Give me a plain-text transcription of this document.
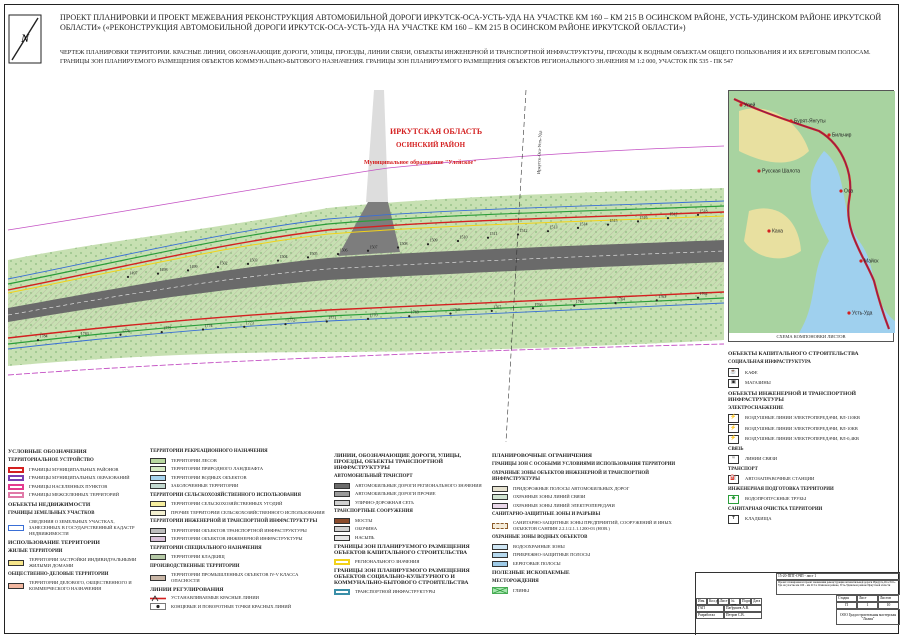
N
ПРОЕКТ ПЛАНИРОВКИ И ПРОЕКТ МЕЖЕВАНИЯ РЕКОНСТРУКЦИЯ АВТОМОБИЛЬНОЙ ДОРОГИ ИРКУТСК-ОСА-УСТЬ-УДА НА УЧАСТКЕ КМ 160 – КМ 215 В ОСИНСКОМ РАЙОНЕ, УСТЬ-УДИНСКОМ РАЙОНЕ ИРКУТСКОЙ ОБЛАСТИ» («РЕКОНСТРУКЦИЯ АВТОМОБИЛЬНОЙ ДОРОГИ ИРКУТСК-ОСА-УСТЬ-УДА НА УЧАСТКЕ КМ 160 – КМ 215 В ОСИНСКОМ РАЙОНЕ ИРКУТСКОЙ ОБЛАСТИ»)
ЧЕРТЕЖ ПЛАНИРОВКИ ТЕРРИТОРИИ. КРАСНЫЕ ЛИНИИ, ОБОЗНАЧАЮЩИЕ ДОРОГИ, УЛИЦЫ, ПРОЕЗДЫ, ЛИНИИ СВЯЗИ, ОБЪЕКТЫ ИНЖЕНЕРНОЙ И ТРАНСПОРТНОЙ ИНФРАСТРУКТУРЫ, ПРОХОДЫ К ВОДНЫМ ОБЪЕКТАМ ОБЩЕГО ПОЛЬЗОВАНИЯ И ИХ БЕРЕГОВЫМ ПОЛОСАМ. ГРАНИЦЫ ЗОН ПЛАНИРУЕМОГО РАЗМЕЩЕНИЯ ОБЪЕКТОВ КОММУНАЛЬНО-БЫТОВОГО НАЗНАЧЕНИЯ. ГРАНИЦЫ ЗОН ПЛАНИРУЕМОГО РАЗМЕЩЕНИЯ ОБЪЕКТОВ РЕГИОНАЛЬНОГО ЗНАЧЕНИЯ М 1:2 000, УЧАСТОК ПК 535 - ПК 547
ИРКУТСКАЯ ОБЛАСТЬ
ОСИНСКИЙ РАЙОН
Муниципальное образование "Улейское"	Иркутск-Оса-Усть-Уда
1497
1498
1499
1502
1503
1504
1505
1506
1507
1508
1509
1510
1511
1512
1513
1514
1515
1516
1517
1518
1784
1783
1776
1775
1774
1773
1772
1771
1770
1769
1768
1767
1766
1765
1764
1763
1762
Улей
Бурят-Янгуты
Бильчир
Русская Шалота
Оса
Каха
Майск
Усть-Уда
СХЕМА КОМПОНОВКИ ЛИСТОВ
УСЛОВНЫЕ ОБОЗНАЧЕНИЯ
ТЕРРИТОРИАЛЬНОЕ УСТРОЙСТВО
ГРАНИЦЫ МУНИЦИПАЛЬНЫХ РАЙОНОВ
ГРАНИЦЫ МУНИЦИПАЛЬНЫХ ОБРАЗОВАНИЙ
ГРАНИЦЫ НАСЕЛЕННЫХ ПУНКТОВ
ГРАНИЦЫ МЕЖСЕЛЕННЫХ ТЕРРИТОРИЙ
ОБЪЕКТЫ НЕДВИЖИМОСТИ
ГРАНИЦЫ ЗЕМЕЛЬНЫХ УЧАСТКОВ
СВЕДЕНИЯ О ЗЕМЕЛЬНЫХ УЧАСТКАХ, ЗАНЕСЕННЫХ В ГОСУДАРСТВЕННЫЙ КАДАСТР НЕДВИЖИМОСТИ
ИСПОЛЬЗОВАНИЕ ТЕРРИТОРИИ
ЖИЛЫЕ ТЕРРИТОРИИ
ТЕРРИТОРИИ ЗАСТРОЙКИ ИНДИВИДУАЛЬНЫМИ ЖИЛЫМИ ДОМАМИ
ОБЩЕСТВЕННО-ДЕЛОВЫЕ ТЕРРИТОРИИ
ТЕРРИТОРИИ ДЕЛОВОГО, ОБЩЕСТВЕННОГО И КОММЕРЧЕСКОГО НАЗНАЧЕНИЯ
ТЕРРИТОРИИ РЕКРЕАЦИОННОГО НАЗНАЧЕНИЯ
ТЕРРИТОРИИ ЛЕСОВ
ТЕРРИТОРИИ ПРИРОДНОГО ЛАНДШАФТА
ТЕРРИТОРИИ ВОДНЫХ ОБЪЕКТОВ
ЗАБОЛОЧЕННЫЕ ТЕРРИТОРИИ
ТЕРРИТОРИИ СЕЛЬСКОХОЗЯЙСТВЕННОГО ИСПОЛЬЗОВАНИЯ
ТЕРРИТОРИИ СЕЛЬСКОХОЗЯЙСТВЕННЫХ УГОДИЙ
ПРОЧИЕ ТЕРРИТОРИИ СЕЛЬСКОХОЗЯЙСТВЕННОГО ИСПОЛЬЗОВАНИЯ
ТЕРРИТОРИИ ИНЖЕНЕРНОЙ И ТРАНСПОРТНОЙ ИНФРАСТРУКТУРЫ
ТЕРРИТОРИИ ОБЪЕКТОВ ТРАНСПОРТНОЙ ИНФРАСТРУКТУРЫ
ТЕРРИТОРИИ ОБЪЕКТОВ ИНЖЕНЕРНОЙ ИНФРАСТРУКТУРЫ
ТЕРРИТОРИИ СПЕЦИАЛЬНОГО НАЗНАЧЕНИЯ
ТЕРРИТОРИИ КЛАДБИЩ
ПРОИЗВОДСТВЕННЫЕ ТЕРРИТОРИИ
ТЕРРИТОРИИ ПРОМЫШЛЕННЫХ ОБЪЕКТОВ IV-V КЛАССА ОПАСНОСТИ
ЛИНИИ РЕГУЛИРОВАНИЯ
УСТАНАВЛИВАЕМЫЕ КРАСНЫЕ ЛИНИИ
КОНЦЕВЫЕ И ПОВОРОТНЫЕ ТОЧКИ КРАСНЫХ ЛИНИЙ
ЛИНИИ, ОБОЗНАЧАЮЩИЕ ДОРОГИ, УЛИЦЫ, ПРОЕЗДЫ, ОБЪЕКТЫ ТРАНСПОРТНОЙ ИНФРАСТРУКТУРЫ
АВТОМОБИЛЬНЫЙ ТРАНСПОРТ
АВТОМОБИЛЬНЫЕ ДОРОГИ РЕГИОНАЛЬНОГО ЗНАЧЕНИЯ
АВТОМОБИЛЬНЫЕ ДОРОГИ ПРОЧИЕ
УЛИЧНО-ДОРОЖНАЯ СЕТЬ
ТРАНСПОРТНЫЕ СООРУЖЕНИЯ
МОСТЫ
ОБОЧИНА
НАСЫПЬ
ГРАНИЦЫ ЗОН ПЛАНИРУЕМОГО РАЗМЕЩЕНИЯ ОБЪЕКТОВ КАПИТАЛЬНОГО СТРОИТЕЛЬСТВА
РЕГИОНАЛЬНОГО ЗНАЧЕНИЯ
ГРАНИЦЫ ЗОН ПЛАНИРУЕМОГО РАЗМЕЩЕНИЯ ОБЪЕКТОВ СОЦИАЛЬНО-КУЛЬТУРНОГО И КОММУНАЛЬНО-БЫТОВОГО СТРОИТЕЛЬСТВА
ТРАНСПОРТНОЙ ИНФРАСТРУКТУРЫ
ПЛАНИРОВОЧНЫЕ ОГРАНИЧЕНИЯ
ГРАНИЦЫ ЗОН С ОСОБЫМИ УСЛОВИЯМИ ИСПОЛЬЗОВАНИЯ ТЕРРИТОРИИ
ОХРАННЫЕ ЗОНЫ ОБЪЕКТОВ ИНЖЕНЕРНОЙ И ТРАНСПОРТНОЙ ИНФРАСТРУКТУРЫ
ПРИДОРОЖНЫЕ ПОЛОСЫ АВТОМОБИЛЬНЫХ ДОРОГ
ОХРАННЫЕ ЗОНЫ ЛИНИЙ СВЯЗИ
ОХРАННЫЕ ЗОНЫ ЛИНИЙ ЭЛЕКТРОПЕРЕДАЧИ
САНИТАРНО-ЗАЩИТНЫЕ ЗОНЫ И РАЗРЫВЫ
САНИТАРНО-ЗАЩИТНЫЕ ЗОНЫ ПРЕДПРИЯТИЙ, СООРУЖЕНИЙ И ИНЫХ ОБЪЕКТОВ САНПИН 2.2.1/2.1.1.1200-03 (НОВ.)
ОХРАННЫЕ ЗОНЫ ВОДНЫХ ОБЪЕКТОВ
ВОДООХРАННЫЕ ЗОНЫ
ПРИБРЕЖНО-ЗАЩИТНЫЕ ПОЛОСЫ
БЕРЕГОВЫЕ ПОЛОСЫ
ПОЛЕЗНЫЕ ИСКОПАЕМЫЕ
МЕСТОРОЖДЕНИЯ
ГЛИНЫ
ОБЪЕКТЫ КАПИТАЛЬНОГО СТРОИТЕЛЬСТВА
СОЦИАЛЬНАЯ ИНФРАСТРУКТУРА
☕	КАФЕ
▣	МАГАЗИНЫ
ОБЪЕКТЫ ИНЖЕНЕРНОЙ И ТРАНСПОРТНОЙ ИНФРАСТРУКТУРЫ
ЭЛЕКТРОСНАБЖЕНИЕ
⚡	ВОЗДУШНЫЕ ЛИНИИ ЭЛЕКТРОПЕРЕДАЧИ, ВЛ-110КВ
⚡	ВОЗДУШНЫЕ ЛИНИИ ЭЛЕКТРОПЕРЕДАЧИ, ВЛ-10КВ
⚡	ВОЗДУШНЫЕ ЛИНИИ ЭЛЕКТРОПЕРЕДАЧИ, ВЛ-0,4КВ
СВЯЗЬ
≈	ЛИНИИ СВЯЗИ
ТРАНСПОРТ
⛽	АВТОЗАПРАВОЧНЫЕ СТАНЦИИ
ИНЖЕНЕРНАЯ ПОДГОТОВКА ТЕРРИТОРИИ
◆	ВОДОПРОПУСКНЫЕ ТРУБЫ
САНИТАРНАЯ ОЧИСТКА ТЕРРИТОРИИ
✝	КЛАДБИЩА
15-20-ППТ-ОЧП - лист 1
Проект планировки и проект межевания реконструкция автомобильной дороги Иркутск-Оса-Усть-Уда на участке км 160 – км 215 в Осинском районе, Усть-Удинском районе Иркутской области
Изм.	Кол.уч. Лист № док.
Подп. Дата
ГАП	Патрушев А.В.
Разработал	Петров С.В.
Стадия
П
Лист
1
Листов
10
ООО Градостроительная мастерская "Лилия"
